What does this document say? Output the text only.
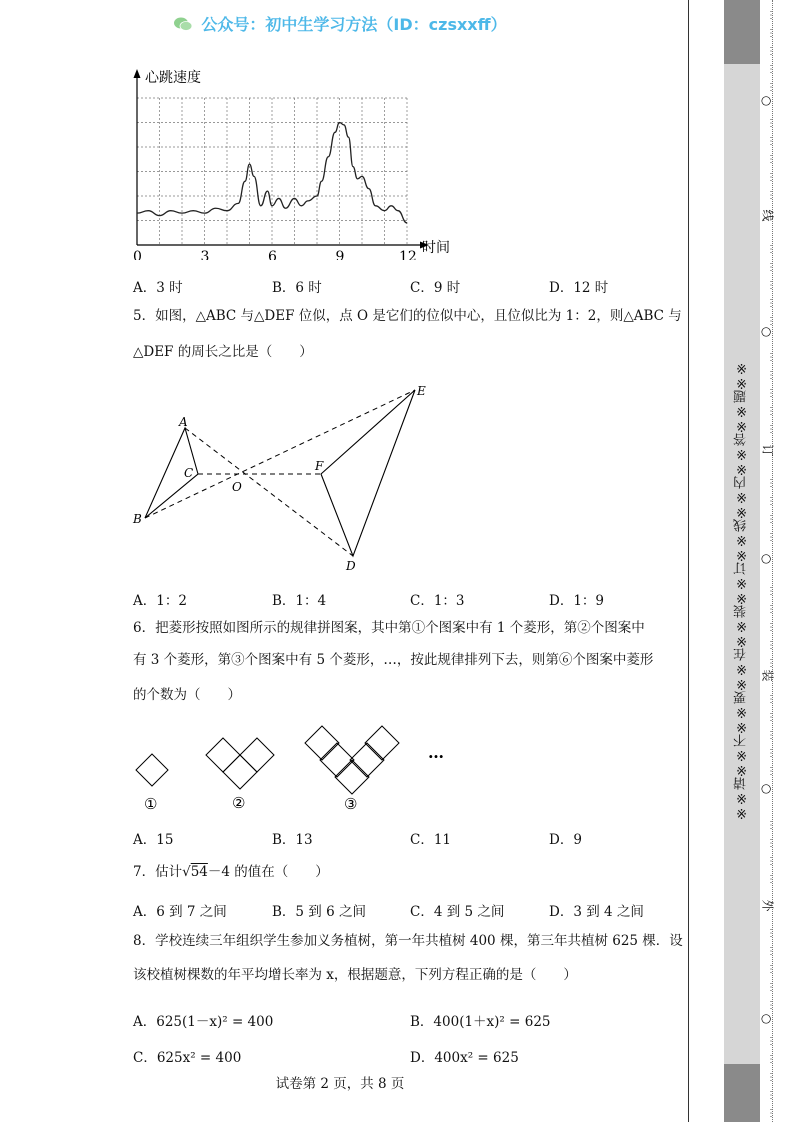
公众号：初中生学习方法（ID：czsxxff）
心跳速度
时间
0	3	6	9	12
A．3 时	B．6 时	C．9 时	D．12 时
5．如图，△ABC 与△DEF 位似，点 O 是它们的位似中心，且位似比为 1：2，则△ABC 与
△DEF 的周长之比是（　　）
A
B
C
O
D
E
F
A．1：2	B．1：4	C．1：3	D．1：9
6．把菱形按照如图所示的规律拼图案，其中第①个图案中有 1 个菱形，第②个图案中
有 3 个菱形，第③个图案中有 5 个菱形，…，按此规律排列下去，则第⑥个图案中菱形
的个数为（　　）
…
①	②	③
A．15	B．13	C．11	D．9
7．估计√54－4 的值在（　　）
A．6 到 7 之间	B．5 到 6 之间	C．4 到 5 之间	D．3 到 4 之间
8．学校连续三年组织学生参加义务植树，第一年共植树 400 棵，第三年共植树 625 棵．设
该校植树棵数的年平均增长率为 x，根据题意，下列方程正确的是（　　）
A．625(1－x)² = 400	B．400(1＋x)² = 625
C．625x² = 400	D．400x² = 625
试卷第 2 页，共 8 页
※※请※※不※※要※※在※※装※※订※※线※※内※※答※※题※※
⋮
⋮
⋮
⋮
⋮
⋮
⋮
⋮
⋮
⋮
⋮
⋮
⋮
⋮
⋮
⋮
⋮
⋮
⋮
⋮
⋮
⋮
⋮
⋮
⋮
⋮
⋮
⋮
⋮
⋮
⋮
⋮
⋮
⋮
⋮
⋮
⋮
⋮
⋮
⋮
⋮
⋮
⋮
⋮
⋮
⋮
⋮
⋮
○
线
○
订
○
装
○
外
○
